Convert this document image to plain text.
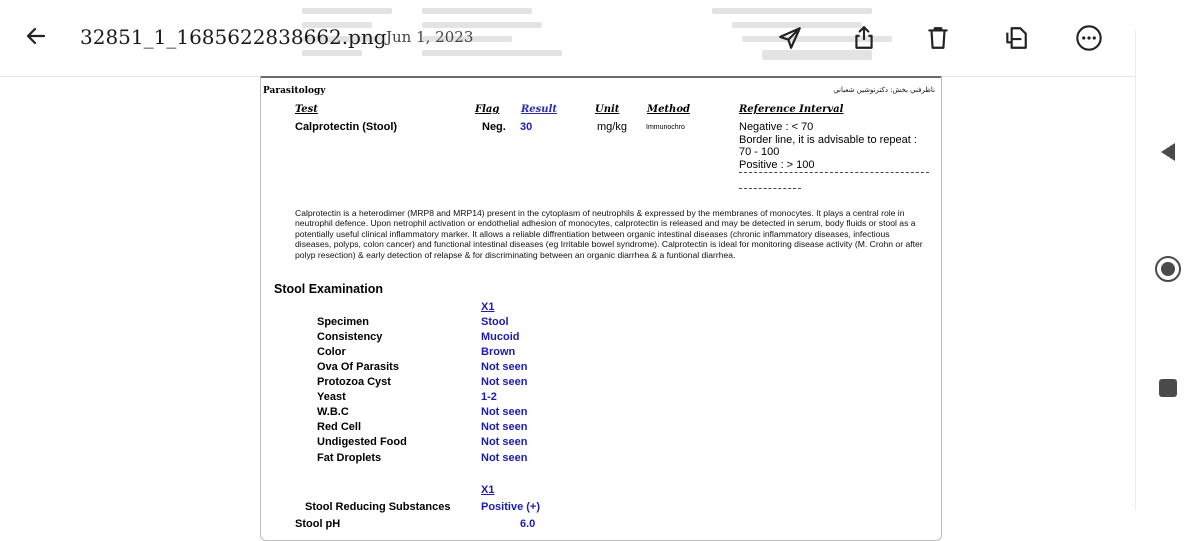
32851_1_1685622838662.png Jun 1, 2023
Parasitology	ناظرفني بخش: دكترنوشين شعباني
Test	Flag Result	Unit	Method	Reference Interval
Calprotectin (Stool)	Neg. 30	mg/kg	Immunochro	Negative : < 70
Border line, it is advisable to repeat :
70 - 100
Positive : > 100
Calprotectin is a heterodimer (MRP8 and MRP14) present in the cytoplasm of neutrophils & expressed by the membranes of monocytes. It plays a central role in neutrophil defence. Upon netrophil activation or endothelial adhesion of monocytes, calprotectin is released and may be detected in serum, body fluids or stool as a potentially useful clinical inflammatory marker. It allows a reliable diffrentiation between organic intestinal diseases (chronic inflammatory diseases, infectious diseases, polyps, colon cancer) and functional intestinal diseases (eg Irritable bowel syndrome). Calprotectin is ideal for monitoring disease activity (M. Crohn or after polyp resection) & early detection of relapse & for discriminating between an organic diarrhea & a funtional diarrhea.
Stool Examination
X1
Specimen	Stool
Consistency	Mucoid
Color	Brown
Ova Of Parasits	Not seen
Protozoa Cyst	Not seen
Yeast	1-2
W.B.C	Not seen
Red Cell	Not seen
Undigested Food	Not seen
Fat Droplets	Not seen
X1
Stool Reducing Substances	Positive (+)
Stool pH	6.0
